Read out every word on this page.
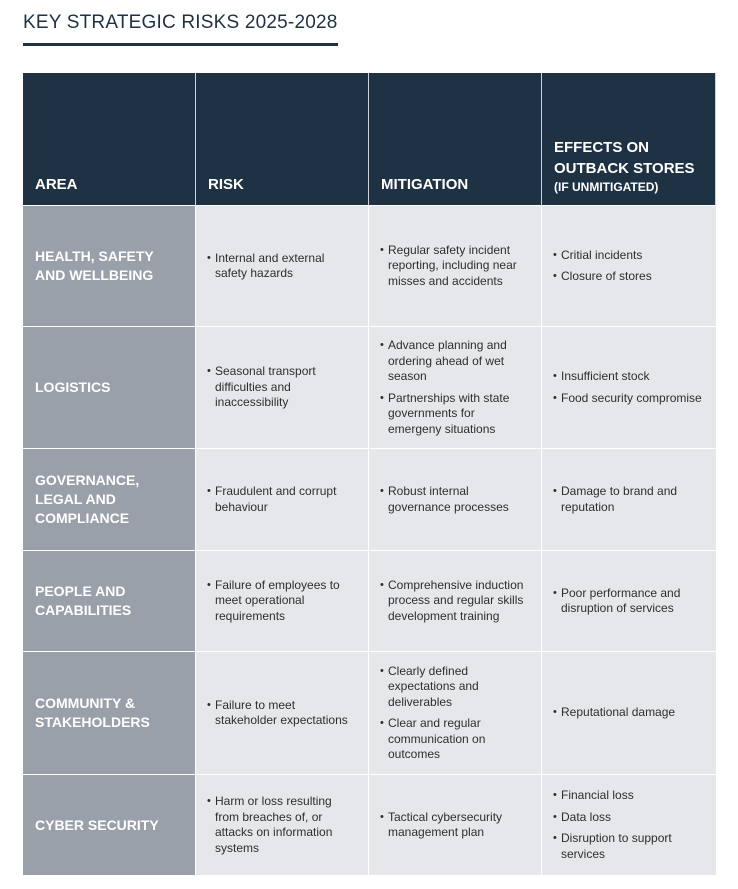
KEY STRATEGIC RISKS 2025-2028
AREA	RISK	MITIGATION
EFFECTS ON OUTBACK STORES
(IF UNMITIGATED)
HEALTH, SAFETY AND WELLBEING
• Internal and external safety hazards
• Regular safety incident reporting, including near misses and accidents
• Critial incidents
• Closure of stores
LOGISTICS
• Seasonal transport difficulties and inaccessibility
• Advance planning and ordering ahead of wet season
• Partnerships with state governments for emergeny situations
• Insufficient stock
• Food security compromise
GOVERNANCE, LEGAL AND COMPLIANCE
• Fraudulent and corrupt behaviour
• Robust internal governance processes
• Damage to brand and reputation
PEOPLE AND CAPABILITIES
• Failure of employees to meet operational requirements
• Comprehensive induction process and regular skills development training
• Poor performance and disruption of services
COMMUNITY & STAKEHOLDERS
• Failure to meet stakeholder expectations
• Clearly defined expectations and deliverables
• Clear and regular communication on outcomes
• Reputational damage
CYBER SECURITY
• Harm or loss resulting from breaches of, or attacks on information systems
• Tactical cybersecurity management plan
• Financial loss
• Data loss
• Disruption to support services
